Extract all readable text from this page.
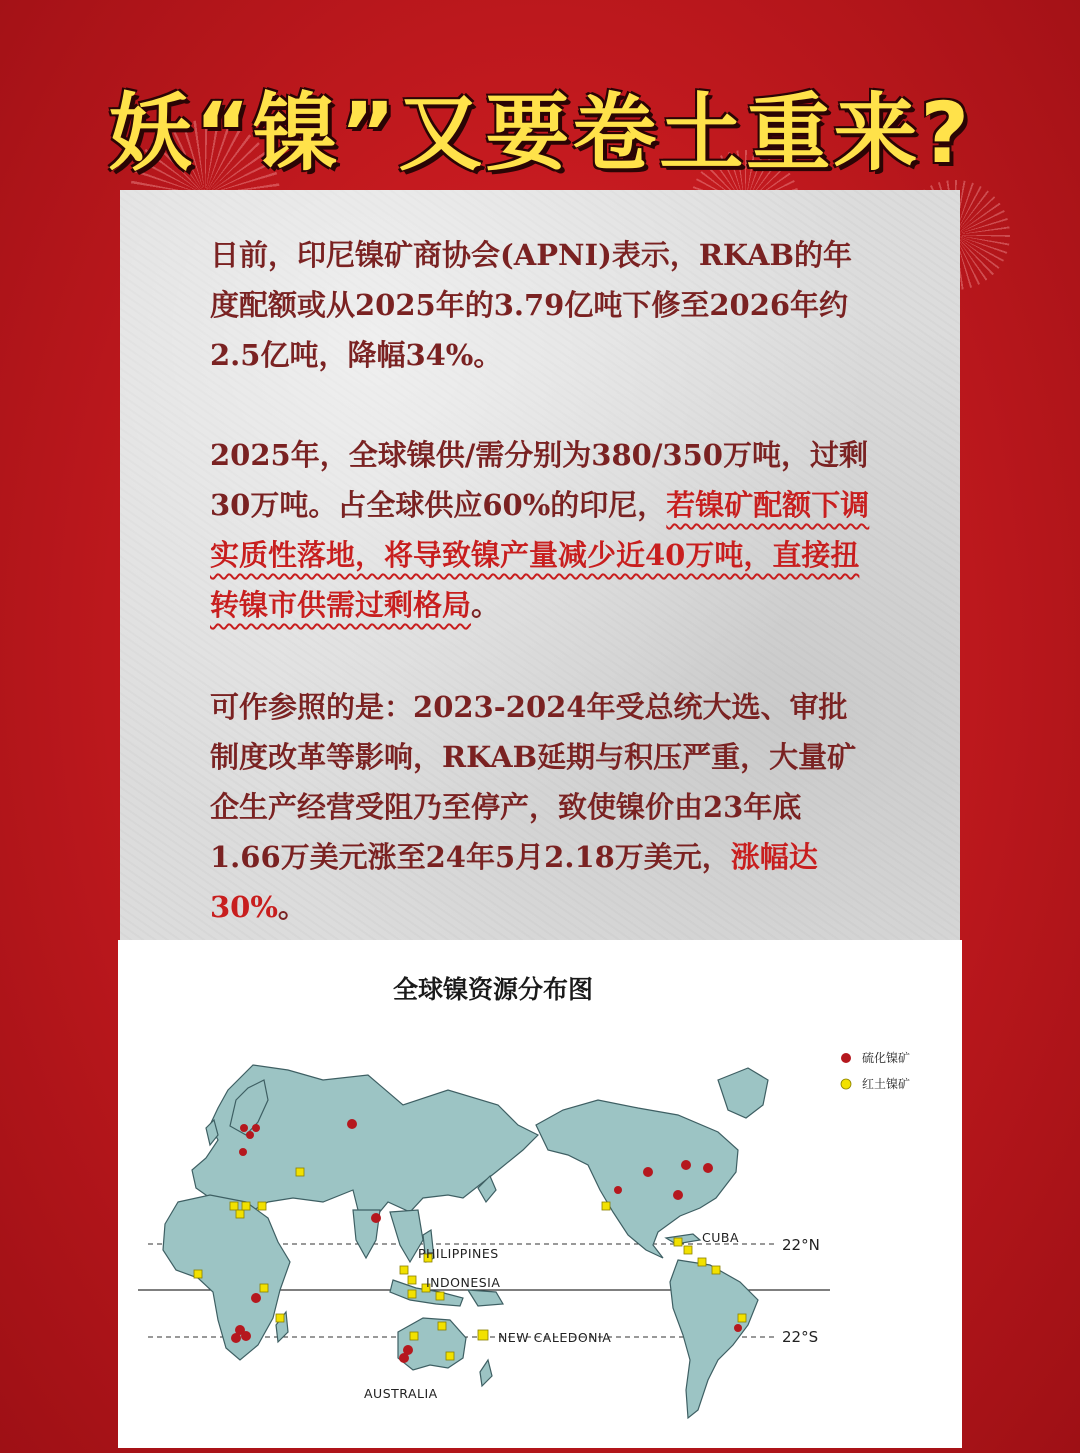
妖“镍”又要卷土重来?

日前，印尼镍矿商协会(APNI)表示，RKAB的年度配额或从2025年的3.79亿吨下修至2026年约2.5亿吨，降幅34%。

2025年，全球镍供/需分别为380/350万吨，过剩30万吨。占全球供应60%的印尼，若镍矿配额下调实质性落地，将导致镍产量减少近40万吨，直接扭转镍市供需过剩格局。

可作参照的是：2023-2024年受总统大选、审批制度改革等影响，RKAB延期与积压严重，大量矿企生产经营受阻乃至停产，致使镍价由23年底1.66万美元涨至24年5月2.18万美元，涨幅达30%。

全球镍资源分布图
PHILIPPINES
INDONESIA
NEW CALEDONIA
AUSTRALIA
CUBA	22°N
22°S
硫化镍矿
红土镍矿
